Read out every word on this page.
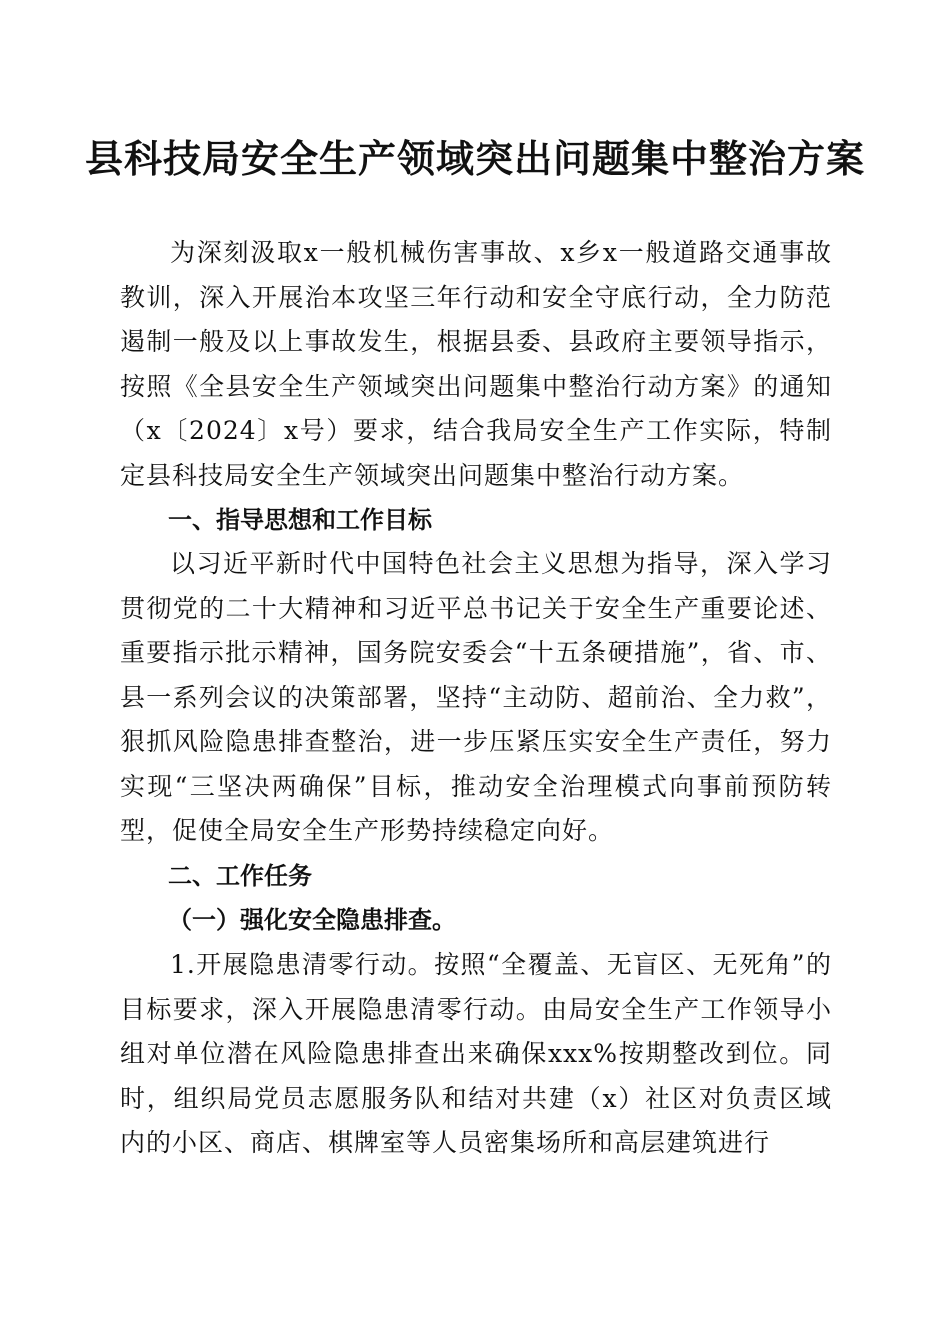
县科技局安全生产领域突出问题集中整治方案

为深刻汲取x一般机械伤害事故、x乡x一般道路交通事故教训，深入开展治本攻坚三年行动和安全守底行动，全力防范遏制一般及以上事故发生，根据县委、县政府主要领导指示，按照《全县安全生产领域突出问题集中整治行动方案》的通知（x〔2024〕x号）要求，结合我局安全生产工作实际，特制定县科技局安全生产领域突出问题集中整治行动方案。

一、指导思想和工作目标

以习近平新时代中国特色社会主义思想为指导，深入学习贯彻党的二十大精神和习近平总书记关于安全生产重要论述、重要指示批示精神，国务院安委会“十五条硬措施”，省、市、县一系列会议的决策部署，坚持“主动防、超前治、全力救”，狠抓风险隐患排查整治，进一步压紧压实安全生产责任，努力实现“三坚决两确保”目标，推动安全治理模式向事前预防转型，促使全局安全生产形势持续稳定向好。

二、工作任务
（一）强化安全隐患排查。

1.开展隐患清零行动。按照“全覆盖、无盲区、无死角”的目标要求，深入开展隐患清零行动。由局安全生产工作领导小组对单位潜在风险隐患排查出来确保xxx%按期整改到位。同时，组织局党员志愿服务队和结对共建（x）社区对负责区域内的小区、商店、棋牌室等人员密集场所和高层建筑进行
